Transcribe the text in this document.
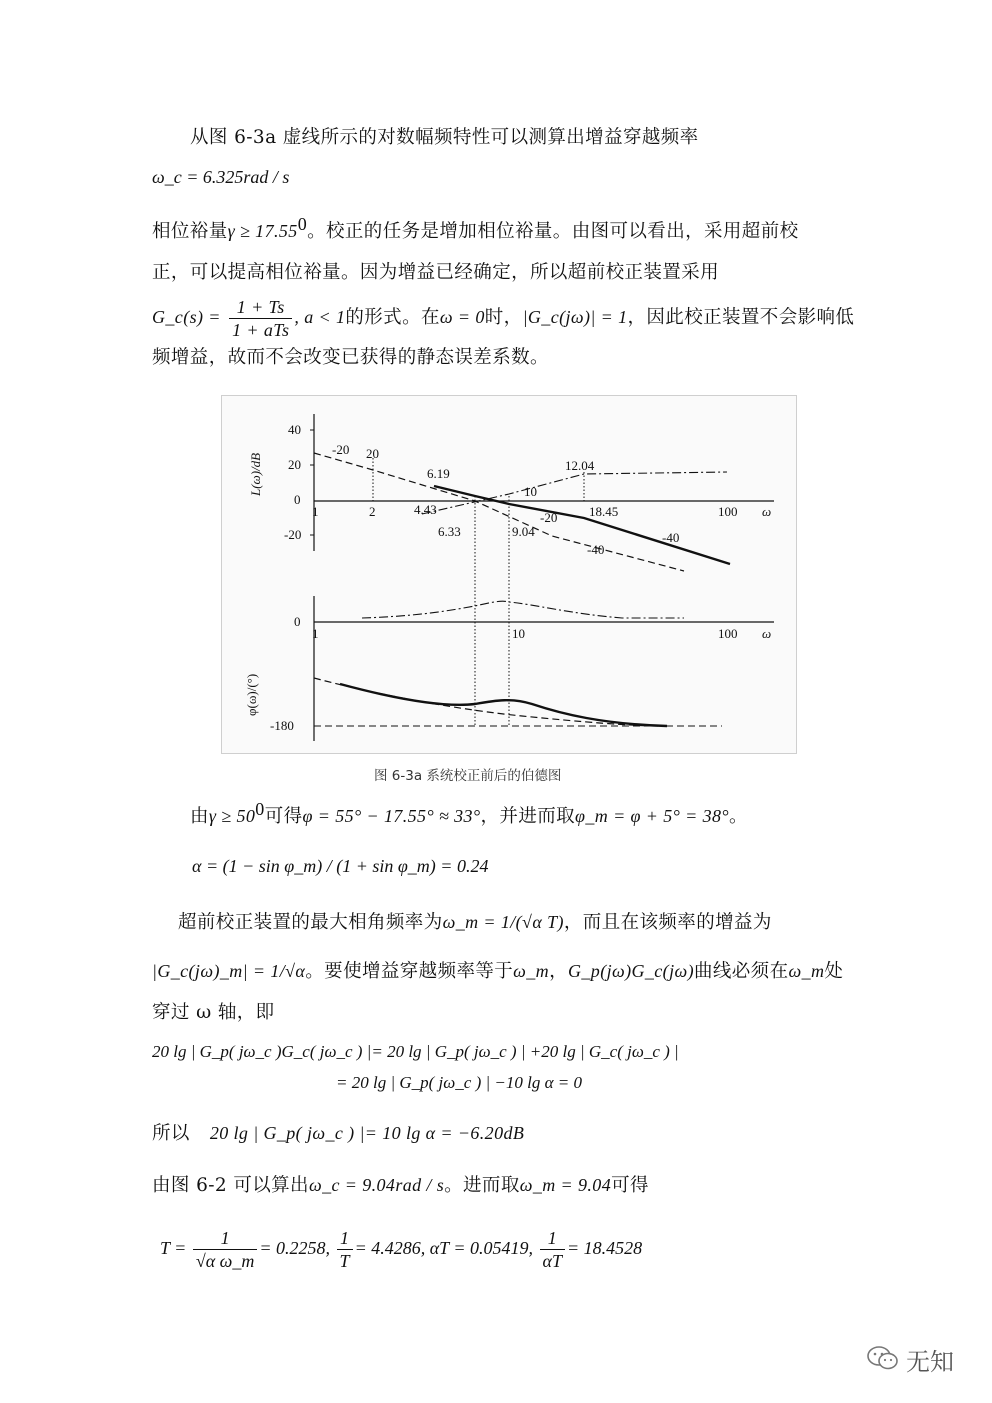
从图 6-3a 虚线所示的对数幅频特性可以测算出增益穿越频率
ω_c = 6.325rad / s
相位裕量$\gamma \ge 17.55^0$。校正的任务是增加相位裕量。由图可以看出，采用超前校
正，可以提高相位裕量。因为增益已经确定，所以超前校正装置采用
G_c(s) = $\frac{1 + Ts}{\text{1 + aTs}}$ , a < 1的形式。在ω = 0时，|G_c(jω)| = 1，因此校正装置不会影响低
频增益，故而不会改变已获得的静态误差系数。
40
20
0
-20
L(ω)/dB
1	2	4.43	100 ω
-20 20
6.19
12.04
10
-20 18.45
6.33	9.04	-40
-40
0
-180
φ(ω)/(°)
1	10	100 ω
图 6-3a 系统校正前后的伯德图
由$\gamma \ge 50^0$可得φ = 55° − 17.55° ≈ 33°，并进而取φ_m = φ + 5° = 38°。
α = (1 − sin φ_m) / (1 + sin φ_m) = 0.24
超前校正装置的最大相角频率为ω_m = 1/(√α T)，而且在该频率的增益为
|G_c(jω)_m| = 1/√α。要使增益穿越频率等于ω_m，G_p(jω)G_c(jω)曲线必须在ω_m处
穿过 ω 轴，即
20 lg | G_p( jω_c )G_c( jω_c ) |= 20 lg | G_p( jω_c ) | +20 lg | G_c( jω_c ) |
= 20 lg | G_p( jω_c ) | −10 lg α = 0
所以 20 lg | G_p( jω_c ) |= 10 lg α = −6.20dB
由图 6-2 可以算出ω_c = 9.04rad / s。进而取ω_m = 9.04可得
$T = \frac{1}{\text{√α ω\_m}} = 0.2258$, $\frac{1}{T} = 4.4286$, αT = 0.05419, $\frac{1}{\alpha T} = 18.4528$
无知
